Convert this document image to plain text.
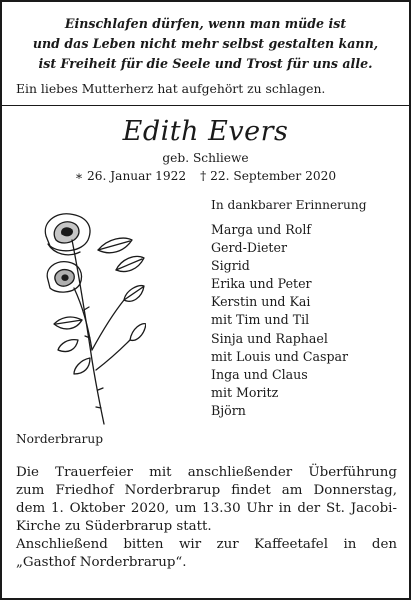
Einschlafen dürfen, wenn man müde ist
und das Leben nicht mehr selbst gestalten kann,
ist Freiheit für die Seele und Trost für uns alle.
Ein liebes Mutterherz hat aufgehört zu schlagen.
Edith Evers
geb. Schliewe
∗ 26. Januar 1922 † 22. September 2020
In dankbarer Erinnerung
Marga und Rolf
Gerd-Dieter
Sigrid
Erika und Peter
Kerstin und Kai
mit Tim und Til
Sinja und Raphael
mit Louis und Caspar
Inga und Claus
mit Moritz
Björn
Norderbrarup

Die Trauerfeier mit anschließender Überführung
zum Friedhof Norderbrarup findet am Donnerstag,
dem 1. Oktober 2020, um 13.30 Uhr in der St. Jacobi-
Kirche zu Süderbrarup statt.

Anschließend bitten wir zur Kaffeetafel in den
„Gasthof Norderbrarup“.
